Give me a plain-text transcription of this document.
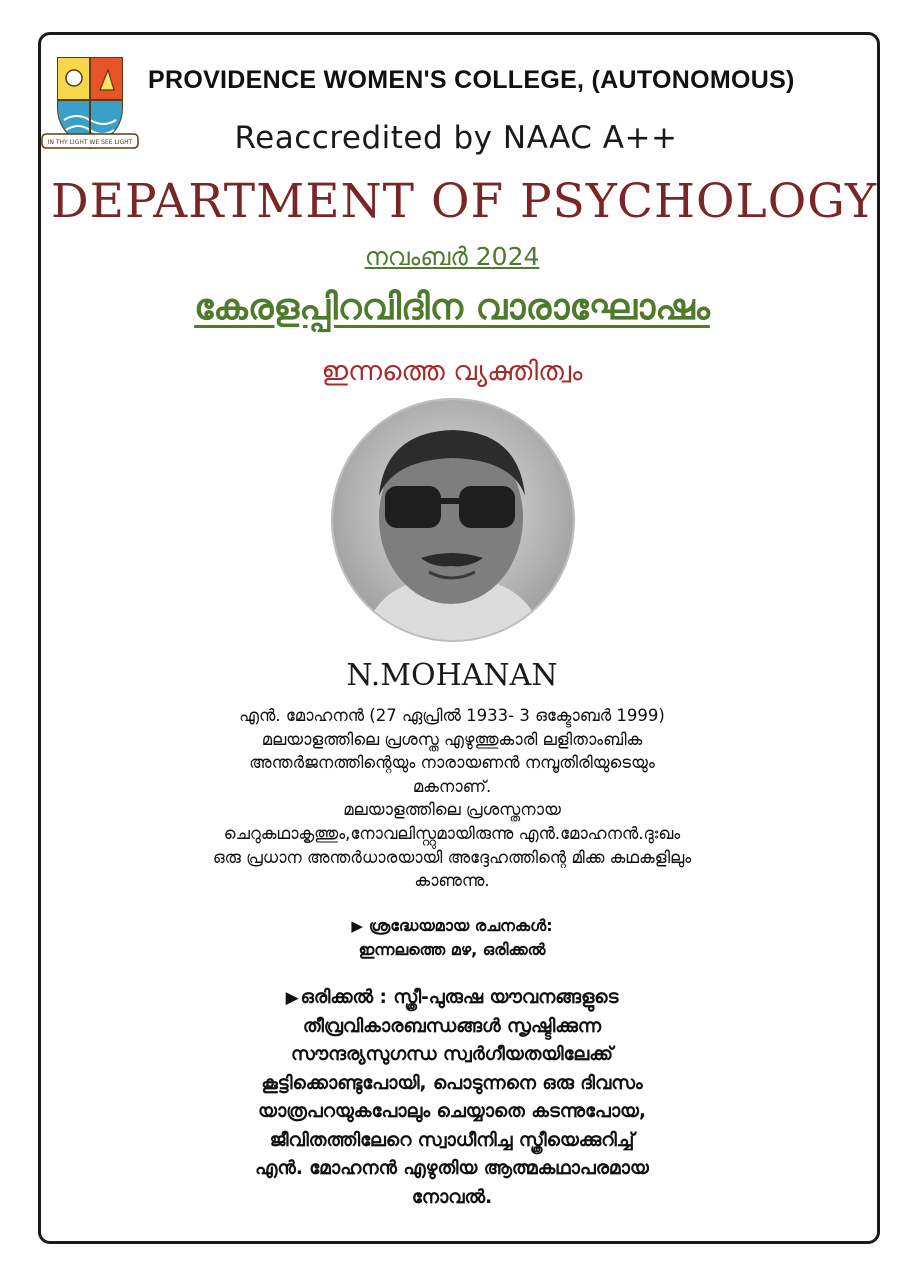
IN THY LIGHT WE SEE LIGHT
PROVIDENCE WOMEN'S COLLEGE, (AUTONOMOUS)
Reaccredited by NAAC A++
DEPARTMENT OF PSYCHOLOGY
നവംബർ 2024
കേരളപ്പിറവിദിന വാരാഘോഷം
ഇന്നത്തെ വ്യക്തിത്വം
N.MOHANAN
എൻ. മോഹനൻ (27 ഏപ്രിൽ 1933- 3 ഒക്ടോബർ 1999)
മലയാളത്തിലെ പ്രശസ്ത എഴുത്തുകാരി ലളിതാംബിക
അന്തർജനത്തിന്റെയും നാരായണൻ നമ്പൂതിരിയുടെയും
മകനാണ്.
മലയാളത്തിലെ പ്രശസ്തനായ
ചെറുകഥാകൃത്തും,നോവലിസ്റ്റുമായിരുന്നു എൻ.മോഹനൻ.ദുഃഖം
ഒരു പ്രധാന അന്തർധാരയായി അദ്ദേഹത്തിന്റെ മിക്ക കഥകളിലും
കാണുന്നു.
▶ ശ്രദ്ധേയമായ രചനകൾ:
ഇന്നലത്തെ മഴ, ഒരിക്കൽ
▶ ഒരിക്കൽ : സ്ത്രീ-പുരുഷ യൗവനങ്ങളുടെ
തീവ്രവികാരബന്ധങ്ങൾ സൃഷ്ടിക്കുന്ന
സൗന്ദര്യസുഗന്ധ സ്വർഗീയതയിലേക്ക്
കൂട്ടിക്കൊണ്ടുപോയി, പൊടുന്നനെ ഒരു ദിവസം
യാത്രപറയുകപോലും ചെയ്യാതെ കടന്നുപോയ,
ജീവിതത്തിലേറെ സ്വാധീനിച്ച സ്ത്രീയെക്കുറിച്ച്
എൻ. മോഹനൻ എഴുതിയ ആത്മകഥാപരമായ
നോവൽ.
